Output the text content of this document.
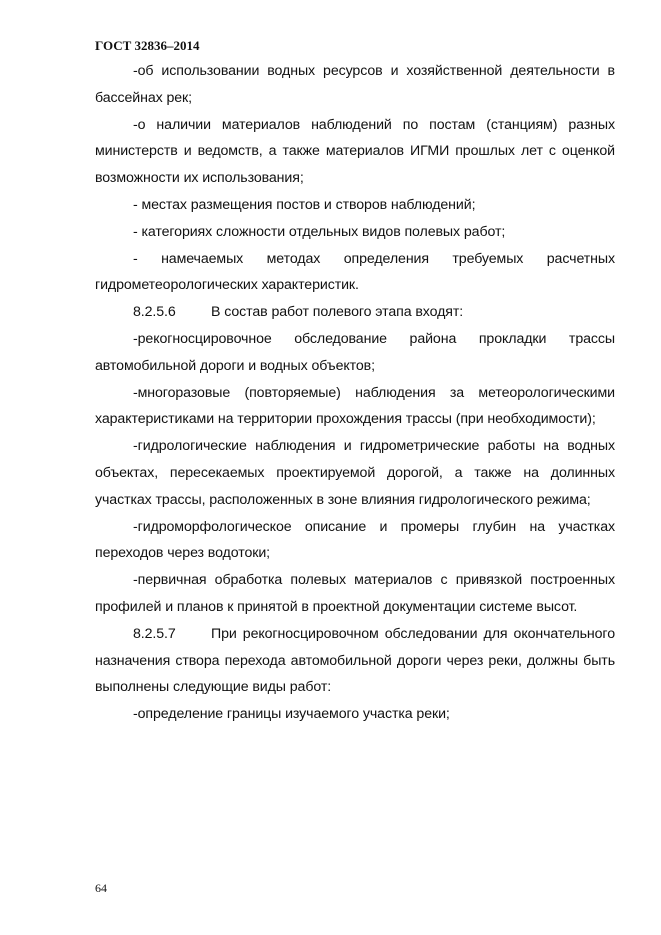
ГОСТ 32836–2014

-об использовании водных ресурсов и хозяйственной деятельности в бассейнах рек;

-о наличии материалов наблюдений по постам (станциям) разных министерств и ведомств, а также материалов ИГМИ прошлых лет с оценкой возможности их использования;

- местах размещения постов и створов наблюдений;

- категориях сложности отдельных видов полевых работ;

- намечаемых методах определения требуемых расчетных гидрометеорологических характеристик.

8.2.5.6 В состав работ полевого этапа входят:

-рекогносцировочное обследование района прокладки трассы автомобильной дороги и водных объектов;

-многоразовые (повторяемые) наблюдения за метеорологическими характеристиками на территории прохождения трассы (при необходимости);

-гидрологические наблюдения и гидрометрические работы на водных объектах, пересекаемых проектируемой дорогой, а также на долинных участках трассы, расположенных в зоне влияния гидрологического режима;

-гидроморфологическое описание и промеры глубин на участках переходов через водотоки;

-первичная обработка полевых материалов с привязкой построенных профилей и планов к принятой в проектной документации системе высот.

8.2.5.7 При рекогносцировочном обследовании для окончательного назначения створа перехода автомобильной дороги через реки, должны быть выполнены следующие виды работ:

-определение границы изучаемого участка реки;

64
